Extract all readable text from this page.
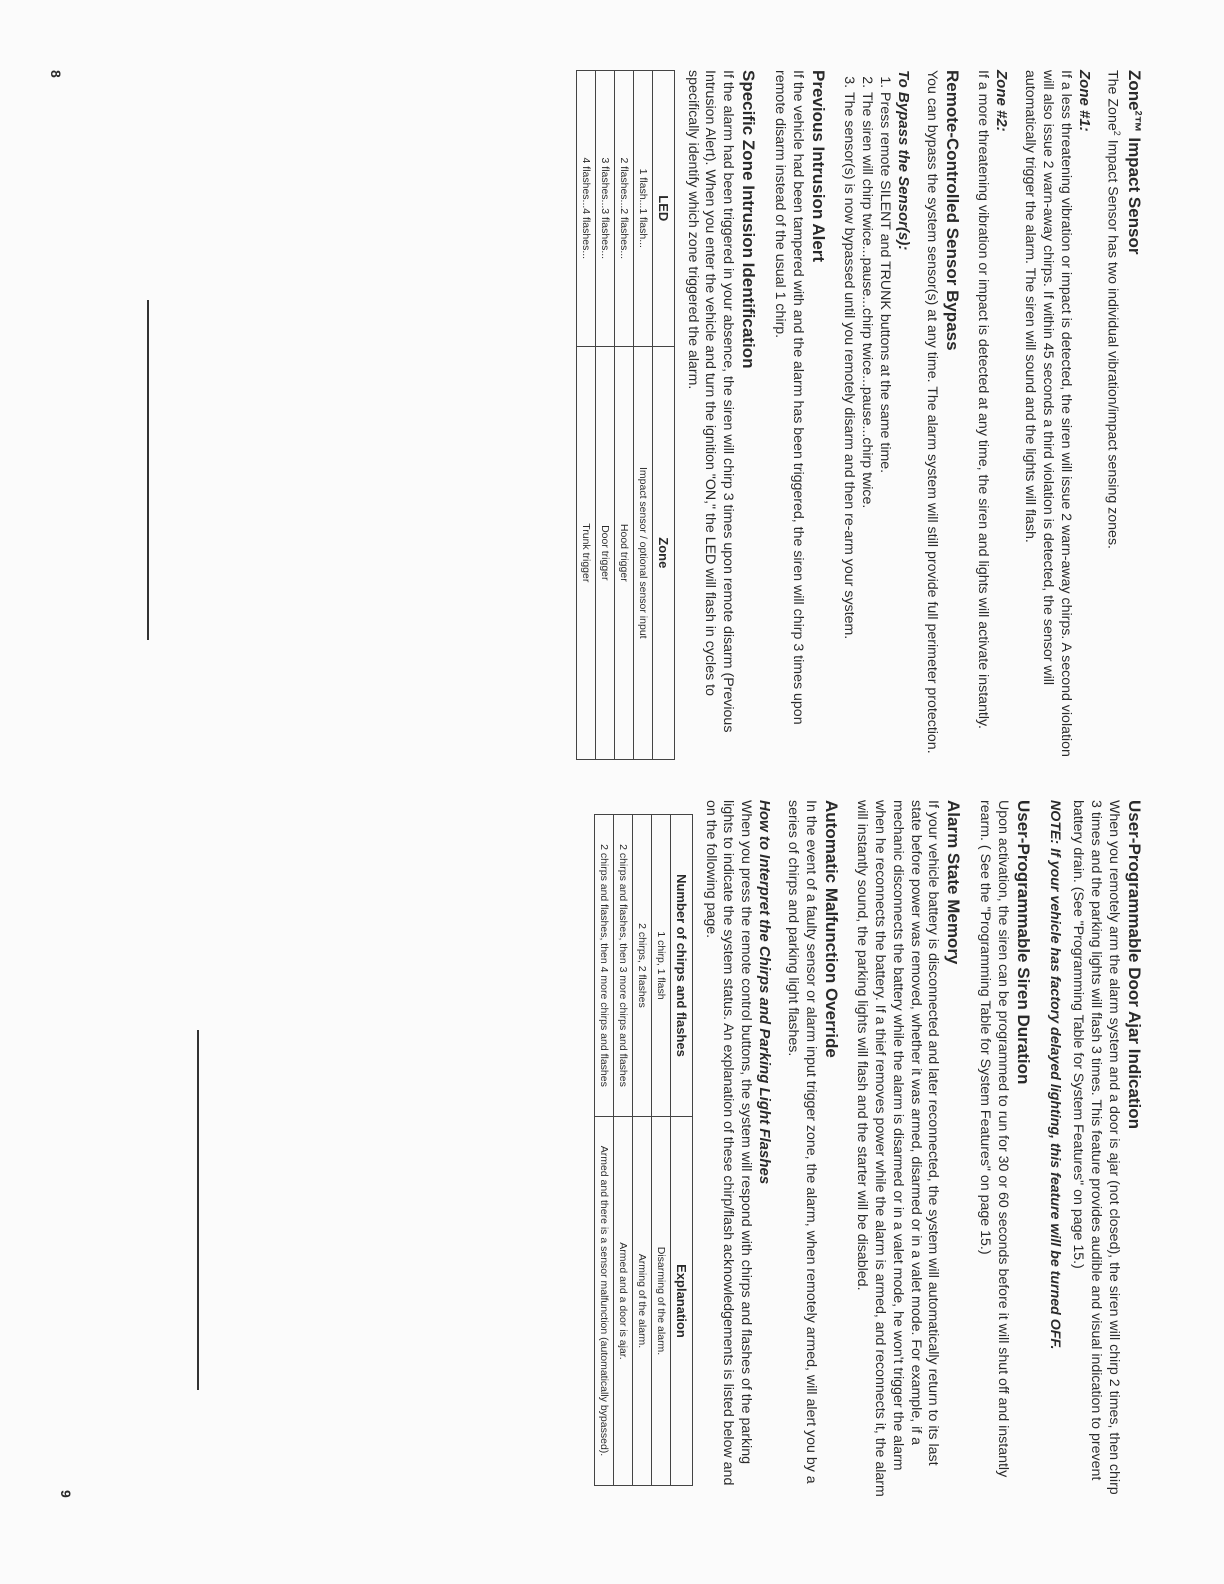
Zone$^2$™ Impact Sensor

The Zone$^2$ Impact Sensor has two individual vibration/impact sensing zones.

Zone #1:

If a less threatening vibration or impact is detected, the siren will issue 2 warn-away chirps. A second violation will also issue 2 warn-away chirps. If within 45 seconds a third violation is detected, the sensor will automatically trigger the alarm. The siren will sound and the lights will flash.

Zone #2:

If a more threatening vibration or impact is detected at any time, the siren and lights will activate instantly.

Remote-Controlled Sensor Bypass

You can bypass the system sensor(s) at any time. The alarm system will still provide full perimeter protection.

To Bypass the Sensor(s):
1. Press remote SILENT and TRUNK buttons at the same time.
2. The siren will chirp twice...pause...chirp twice...pause...chirp twice.
3. The sensor(s) is now bypassed until you remotely disarm and then re-arm your system.
Previous Intrusion Alert

If the vehicle had been tampered with and the alarm has been triggered, the siren will chirp 3 times upon remote disarm instead of the usual 1 chirp.

Specific Zone Intrusion Identification

If the alarm had been triggered in your absence, the siren will chirp 3 times upon remote disarm (Previous Intrusion Alert). When you enter the vehicle and turn the ignition "ON," the LED will flash in cycles to specifically identify which zone triggered the alarm.

LED	Zone
1 flash...1 flash...	Impact sensor / optional sensor input
2 flashes...2 flashes...	Hood trigger
3 flashes...3 flashes...	Door trigger
4 flashes...4 flashes...	Trunk trigger
User-Programmable Door Ajar Indication

When you remotely arm the alarm system and a door is ajar (not closed), the siren will chirp 2 times, then chirp 3 times and the parking lights will flash 3 times. This feature provides audible and visual indication to prevent battery drain. (See "Programming Table for System Features" on page 15.)

NOTE: If your vehicle has factory delayed lighting, this feature will be turned OFF.

User-Programmable Siren Duration

Upon activation, the siren can be programmed to run for 30 or 60 seconds before it will shut off and instantly rearm. ( See the "Programming Table for System Features" on page 15.)

Alarm State Memory

If your vehicle battery is disconnected and later reconnected, the system will automatically return to its last state before power was removed, whether it was armed, disarmed or in a valet mode. For example, if a mechanic disconnects the battery while the alarm is disarmed or in a valet mode, he won't trigger the alarm when he reconnects the battery. If a thief removes power while the alarm is armed, and reconnects it, the alarm will instantly sound, the parking lights will flash and the starter will be disabled.

Automatic Malfunction Override

In the event of a faulty sensor or alarm input trigger zone, the alarm, when remotely armed, will alert you by a series of chirps and parking light flashes.

How to Interpret the Chirps and Parking Light Flashes

When you press the remote control buttons, the system will respond with chirps and flashes of the parking lights to indicate the system status. An explanation of these chirp/flash acknowledgements is listed below and on the following page.

Number of chirps and flashes	Explanation
1 chirp, 1 flash	Disarming of the alarm.
2 chirps, 2 flashes	Arming of the alarm.
2 chirps and flashes, then 3 more chirps and flashes	Armed and a door is ajar.
2 chirps and flashes, then 4 more chirps and flashes	Armed and there is a sensor malfunction (automatically bypassed).
8
9
